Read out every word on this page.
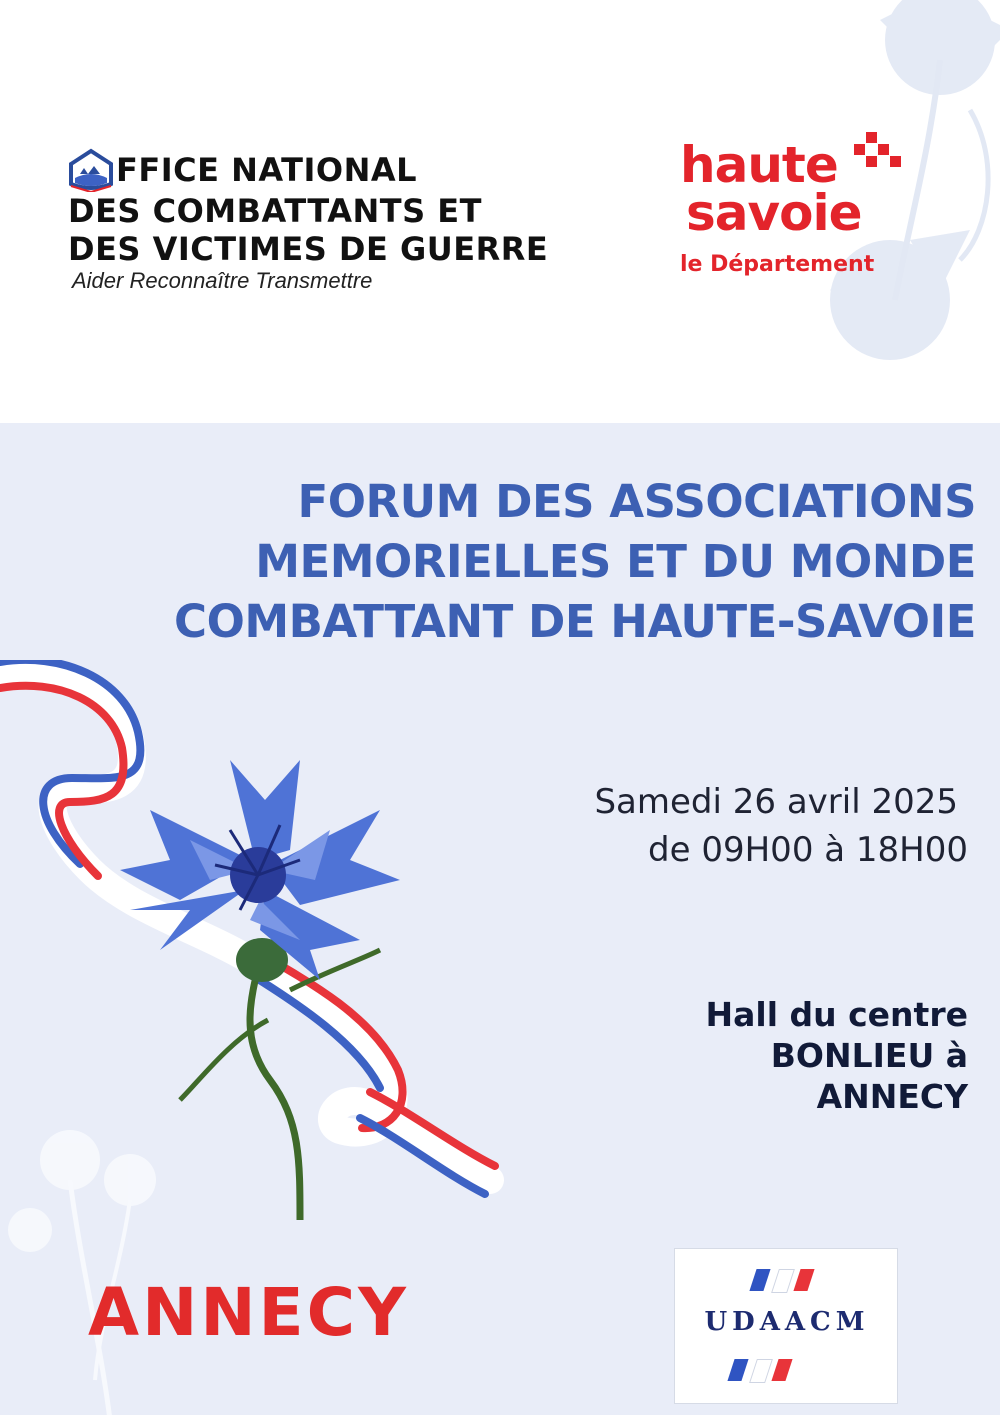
FFICE NATIONAL
DES COMBATTANTS ET
DES VICTIMES DE GUERRE
Aider Reconnaître Transmettre
haute
savoie
le Département
FORUM DES ASSOCIATIONS
MEMORIELLES ET DU MONDE
COMBATTANT DE HAUTE-SAVOIE
Samedi 26 avril 2025
de 09H00 à 18H00
Hall du centre
BONLIEU à
ANNECY
ANNECY	UDAACM
